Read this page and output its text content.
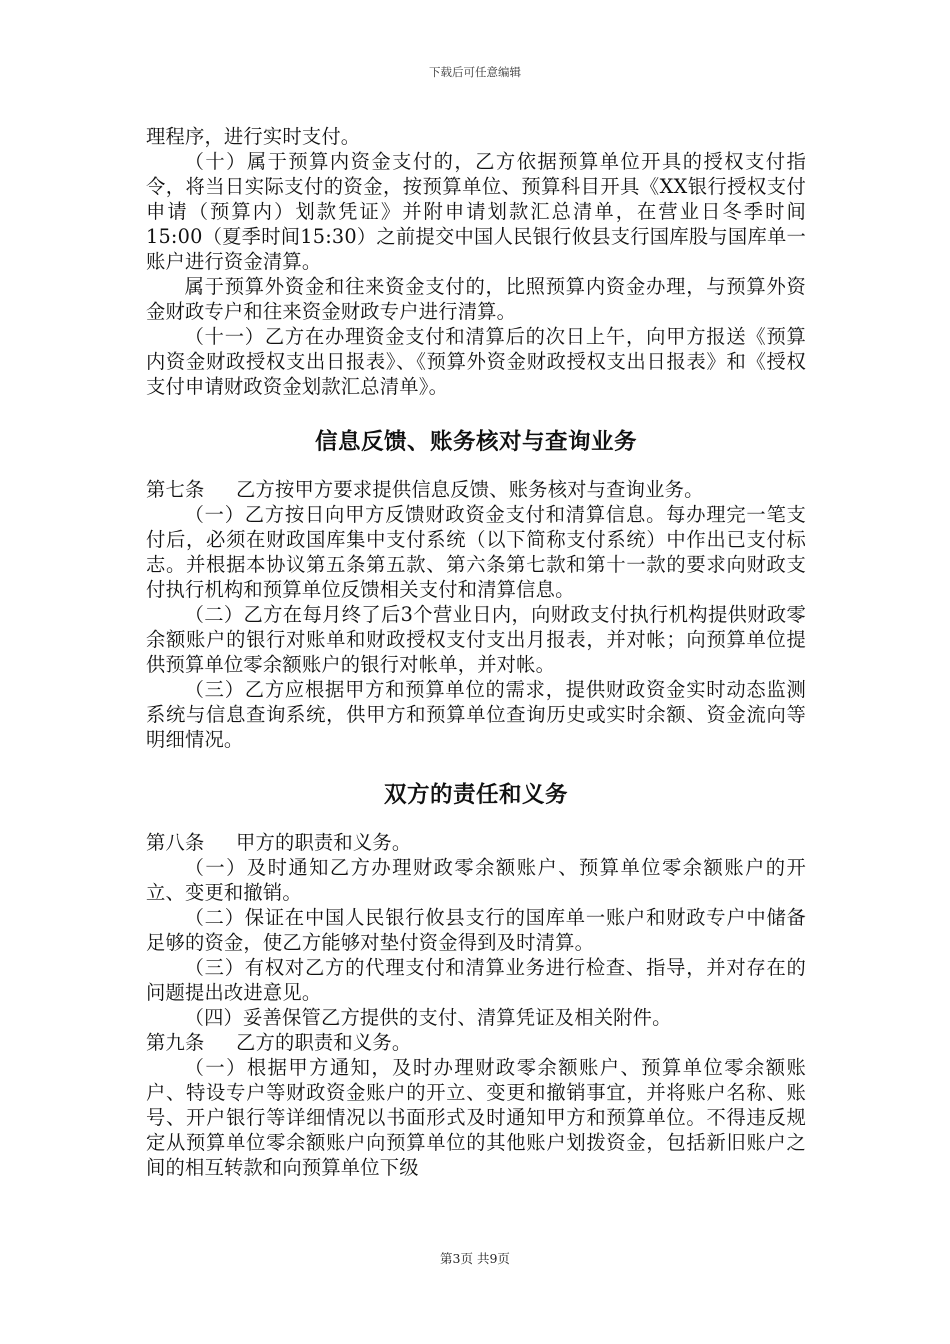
下载后可任意编辑

理程序，进行实时支付。

（十）属于预算内资金支付的，乙方依据预算单位开具的授权支付指令，将当日实际支付的资金，按预算单位、预算科目开具《XX银行授权支付申请（预算内）划款凭证》并附申请划款汇总清单，在营业日冬季时间15:00（夏季时间15:30）之前提交中国人民银行攸县支行国库股与国库单一账户进行资金清算。

属于预算外资金和往来资金支付的，比照预算内资金办理，与预算外资金财政专户和往来资金财政专户进行清算。

（十一）乙方在办理资金支付和清算后的次日上午，向甲方报送《预算内资金财政授权支出日报表》、《预算外资金财政授权支出日报表》和《授权支付申请财政资金划款汇总清单》。

信息反馈、账务核对与查询业务

第七条 乙方按甲方要求提供信息反馈、账务核对与查询业务。

（一）乙方按日向甲方反馈财政资金支付和清算信息。每办理完一笔支付后，必须在财政国库集中支付系统（以下简称支付系统）中作出已支付标志。并根据本协议第五条第五款、第六条第七款和第十一款的要求向财政支付执行机构和预算单位反馈相关支付和清算信息。

（二）乙方在每月终了后3个营业日内，向财政支付执行机构提供财政零余额账户的银行对账单和财政授权支付支出月报表，并对帐；向预算单位提供预算单位零余额账户的银行对帐单，并对帐。

（三）乙方应根据甲方和预算单位的需求，提供财政资金实时动态监测系统与信息查询系统，供甲方和预算单位查询历史或实时余额、资金流向等明细情况。

双方的责任和义务

第八条 甲方的职责和义务。

（一）及时通知乙方办理财政零余额账户、预算单位零余额账户的开立、变更和撤销。

（二）保证在中国人民银行攸县支行的国库单一账户和财政专户中储备足够的资金，使乙方能够对垫付资金得到及时清算。

（三）有权对乙方的代理支付和清算业务进行检查、指导，并对存在的问题提出改进意见。

（四）妥善保管乙方提供的支付、清算凭证及相关附件。

第九条 乙方的职责和义务。

（一）根据甲方通知，及时办理财政零余额账户、预算单位零余额账户、特设专户等财政资金账户的开立、变更和撤销事宜，并将账户名称、账号、开户银行等详细情况以书面形式及时通知甲方和预算单位。不得违反规定从预算单位零余额账户向预算单位的其他账户划拨资金，包括新旧账户之间的相互转款和向预算单位下级

第3页 共9页
